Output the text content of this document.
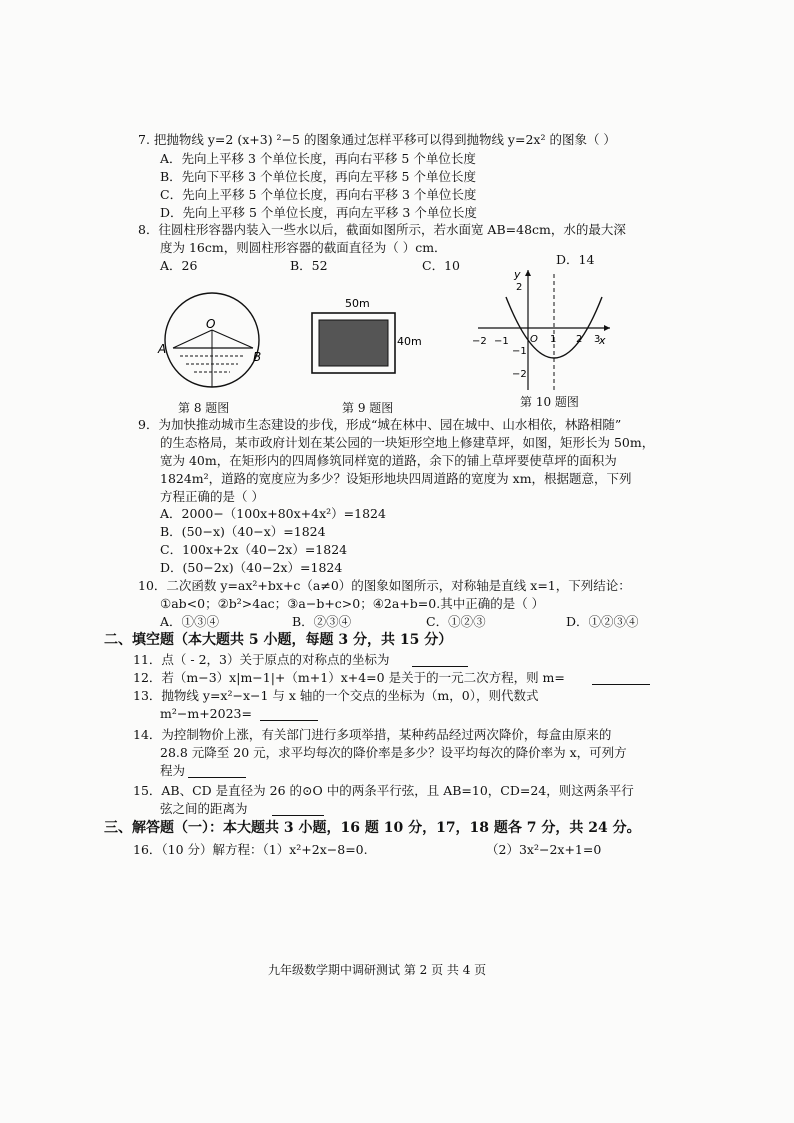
7. 把抛物线 y=2 (x+3) ²−5 的图象通过怎样平移可以得到抛物线 y=2x² 的图象（ ）
A．先向上平移 3 个单位长度，再向右平移 5 个单位长度
B．先向下平移 3 个单位长度，再向左平移 5 个单位长度
C．先向上平移 5 个单位长度，再向右平移 3 个单位长度
D．先向上平移 5 个单位长度，再向左平移 3 个单位长度
8．往圆柱形容器内装入一些水以后，截面如图所示，若水面宽 AB=48cm，水的最大深
度为 16cm，则圆柱形容器的截面直径为（ ）cm．
A．26	B．52	C．10	D．14
O
A
B
50m
40m	x
y
O
−2 −1	1 2 3
2
−1
−2
第 8 题图	第 9 题图	第 10 题图
9．为加快推动城市生态建设的步伐，形成“城在林中、园在城中、山水相依，林路相随”
的生态格局，某市政府计划在某公园的一块矩形空地上修建草坪，如图，矩形长为 50m，
宽为 40m，在矩形内的四周修筑同样宽的道路，余下的铺上草坪要使草坪的面积为
1824m²，道路的宽度应为多少？设矩形地块四周道路的宽度为 xm，根据题意，下列
方程正确的是（ ）
A．2000−（100x+80x+4x²）=1824
B．(50−x)（40−x）=1824
C．100x+2x（40−2x）=1824
D．(50−2x)（40−2x）=1824
10．二次函数 y=ax²+bx+c（a≠0）的图象如图所示，对称轴是直线 x=1，下列结论：
①ab<0；②b²>4ac；③a−b+c>0；④2a+b=0.其中正确的是（ ）
A．①③④	B．②③④	C．①②③	D．①②③④
二、填空题（本大题共 5 小题，每题 3 分，共 15 分）
11．点（ - 2，3）关于原点的对称点的坐标为
12．若（m−3）x|m−1|+（m+1）x+4=0 是关于的一元二次方程，则 m=
13．抛物线 y=x²−x−1 与 x 轴的一个交点的坐标为（m，0），则代数式
m²−m+2023=
14．为控制物价上涨，有关部门进行多项举措，某种药品经过两次降价，每盒由原来的
28.8 元降至 20 元，求平均每次的降价率是多少？设平均每次的降价率为 x，可列方
程为
15．AB、CD 是直径为 26 的⊙O 中的两条平行弦，且 AB=10，CD=24，则这两条平行
弦之间的距离为
三、解答题（一）：本大题共 3 小题，16 题 10 分，17，18 题各 7 分，共 24 分。
16．（10 分）解方程：（1）x²+2x−8=0.	（2）3x²−2x+1=0
九年级数学期中调研测试 第 2 页 共 4 页
